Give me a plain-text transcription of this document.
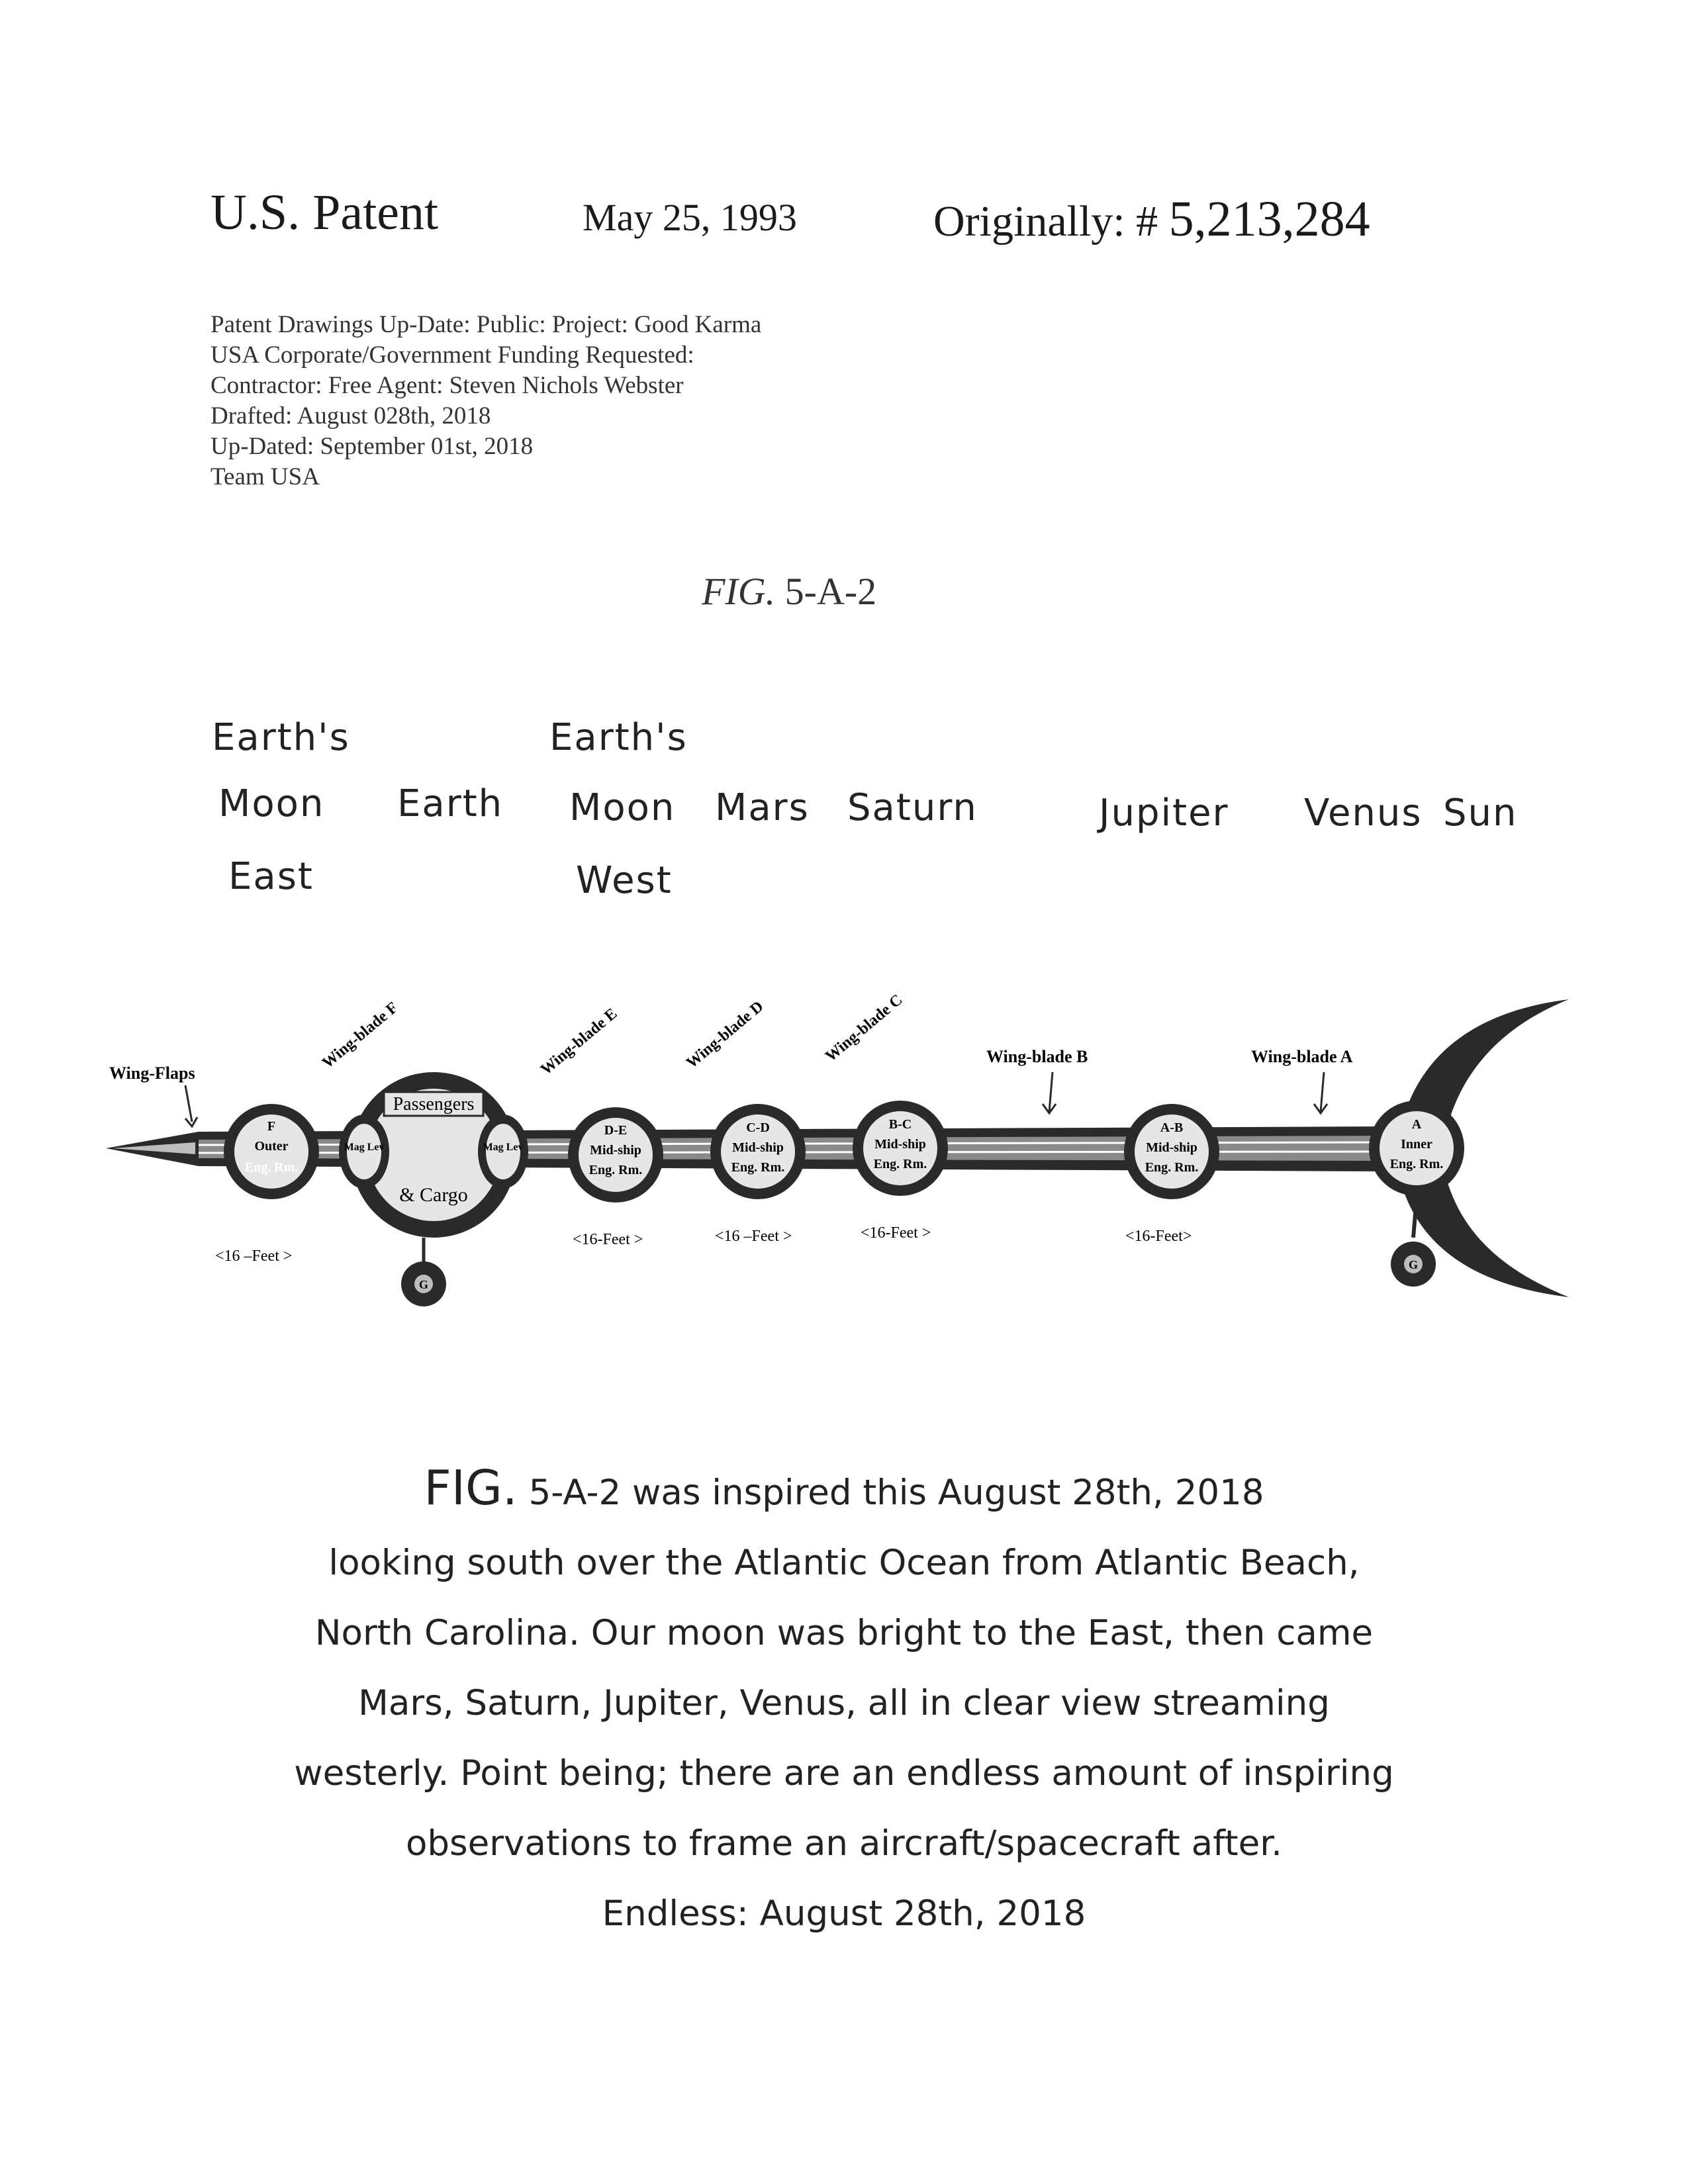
U.S. Patent	May 25, 1993	Originally: # 5,213,284
Patent Drawings Up-Date: Public: Project: Good Karma
USA Corporate/Government Funding Requested:
Contractor: Free Agent: Steven Nichols Webster
Drafted: August 028th, 2018
Up-Dated: September 01st, 2018
Team USA
FIG. 5-A-2
Earth's
Moon
East
Earth
Earth's
Moon
West
Mars Saturn	Jupiter Venus Sun
F
Outer
Eng. Rm.
Passengers
& Cargo
Mag Lev	Mag Lev
G
D-E
Mid-ship
Eng. Rm.
C-D
Mid-ship
Eng. Rm.
B-C
Mid-ship
Eng. Rm.
A-B
Mid-ship
Eng. Rm.
A
Inner
Eng. Rm.
G
Wing-Flaps
Wing-blade F	Wing-blade E	Wing-blade D	Wing-blade C	Wing-blade B	Wing-blade A
<16 –Feet >
<16-Feet >	<16 –Feet >	<16-Feet >	<16-Feet>
FIG. 5-A-2 was inspired this August 28th, 2018
looking south over the Atlantic Ocean from Atlantic Beach,
North Carolina. Our moon was bright to the East, then came
Mars, Saturn, Jupiter, Venus, all in clear view streaming
westerly. Point being; there are an endless amount of inspiring
observations to frame an aircraft/spacecraft after.
Endless: August 28th, 2018
